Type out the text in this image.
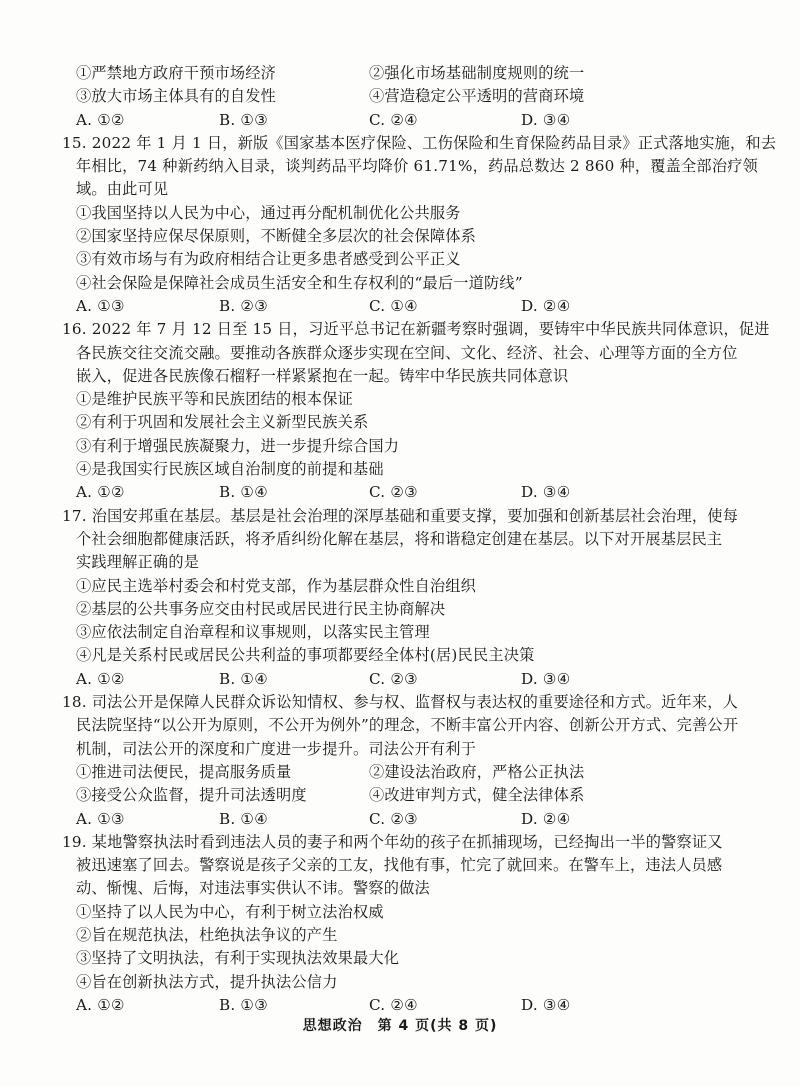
①严禁地方政府干预市场经济	②强化市场基础制度规则的统一
③放大市场主体具有的自发性	④营造稳定公平透明的营商环境
A. ①②	B. ①③	C. ②④	D. ③④
15. 2022 年 1 月 1 日，新版《国家基本医疗保险、工伤保险和生育保险药品目录》正式落地实施，和去
年相比，74 种新药纳入目录，谈判药品平均降价 61.71%，药品总数达 2 860 种，覆盖全部治疗领
域。由此可见
①我国坚持以人民为中心，通过再分配机制优化公共服务
②国家坚持应保尽保原则，不断健全多层次的社会保障体系
③有效市场与有为政府相结合让更多患者感受到公平正义
④社会保险是保障社会成员生活安全和生存权利的“最后一道防线”
A. ①③	B. ②③	C. ①④	D. ②④
16. 2022 年 7 月 12 日至 15 日，习近平总书记在新疆考察时强调，要铸牢中华民族共同体意识，促进
各民族交往交流交融。要推动各族群众逐步实现在空间、文化、经济、社会、心理等方面的全方位
嵌入，促进各民族像石榴籽一样紧紧抱在一起。铸牢中华民族共同体意识
①是维护民族平等和民族团结的根本保证
②有利于巩固和发展社会主义新型民族关系
③有利于增强民族凝聚力，进一步提升综合国力
④是我国实行民族区域自治制度的前提和基础
A. ①②	B. ①④	C. ②③	D. ③④
17. 治国安邦重在基层。基层是社会治理的深厚基础和重要支撑，要加强和创新基层社会治理，使每
个社会细胞都健康活跃，将矛盾纠纷化解在基层，将和谐稳定创建在基层。以下对开展基层民主
实践理解正确的是
①应民主选举村委会和村党支部，作为基层群众性自治组织
②基层的公共事务应交由村民或居民进行民主协商解决
③应依法制定自治章程和议事规则，以落实民主管理
④凡是关系村民或居民公共利益的事项都要经全体村(居)民民主决策
A. ①②	B. ①④	C. ②③	D. ③④
18. 司法公开是保障人民群众诉讼知情权、参与权、监督权与表达权的重要途径和方式。近年来，人
民法院坚持“以公开为原则，不公开为例外”的理念，不断丰富公开内容、创新公开方式、完善公开
机制，司法公开的深度和广度进一步提升。司法公开有利于
①推进司法便民，提高服务质量	②建设法治政府，严格公正执法
③接受公众监督，提升司法透明度	④改进审判方式，健全法律体系
A. ①③	B. ①④	C. ②③	D. ②④
19. 某地警察执法时看到违法人员的妻子和两个年幼的孩子在抓捕现场，已经掏出一半的警察证又
被迅速塞了回去。警察说是孩子父亲的工友，找他有事，忙完了就回来。在警车上，违法人员感
动、惭愧、后悔，对违法事实供认不讳。警察的做法
①坚持了以人民为中心，有利于树立法治权威
②旨在规范执法，杜绝执法争议的产生
③坚持了文明执法，有利于实现执法效果最大化
④旨在创新执法方式，提升执法公信力
A. ①②	B. ①③	C. ②④	D. ③④
思想政治　第 4 页(共 8 页)
